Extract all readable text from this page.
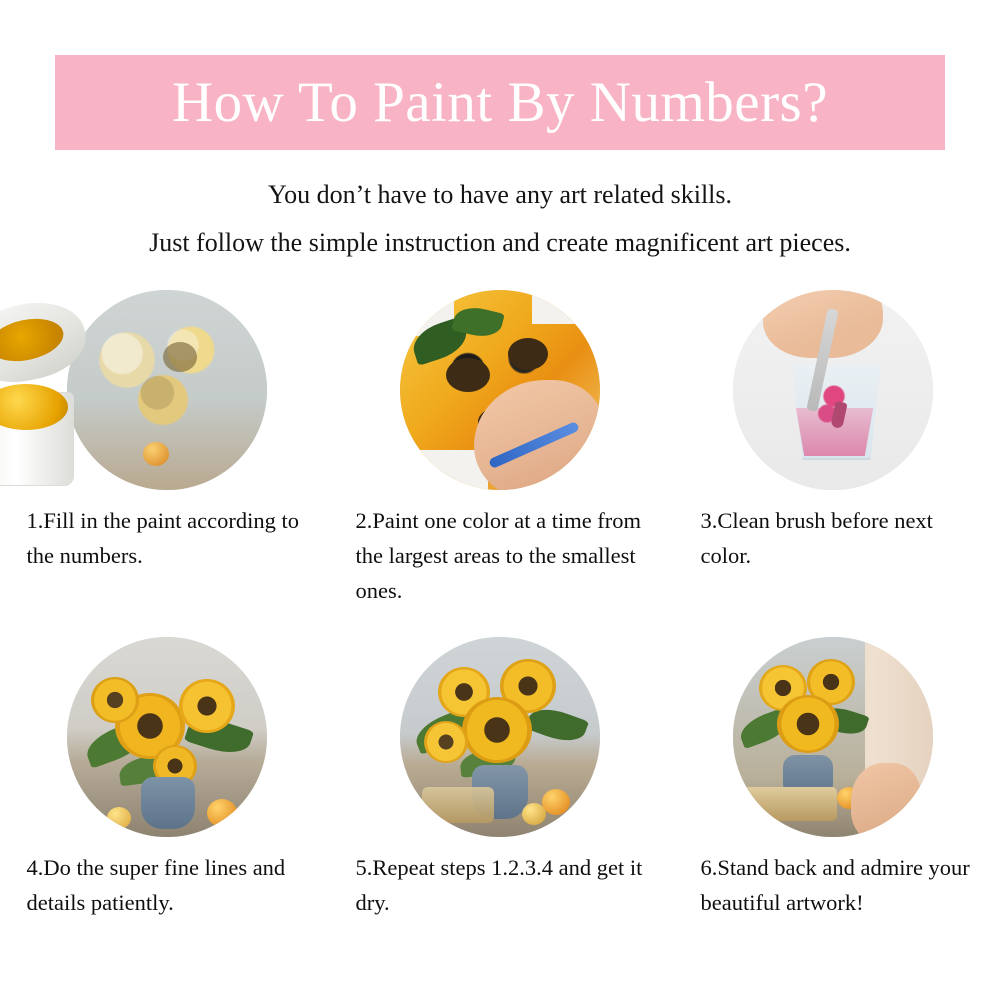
How To Paint By Numbers?
You don’t have to have any art related skills.
Just follow the simple instruction and create magnificent art pieces.
1.Fill in the paint according to the numbers.
2.Paint one color at a time from the largest areas to the smallest ones.
3.Clean brush before next color.
4.Do the super fine lines and details patiently.
5.Repeat steps 1.2.3.4 and get it dry.
6.Stand back and admire your beautiful artwork!
